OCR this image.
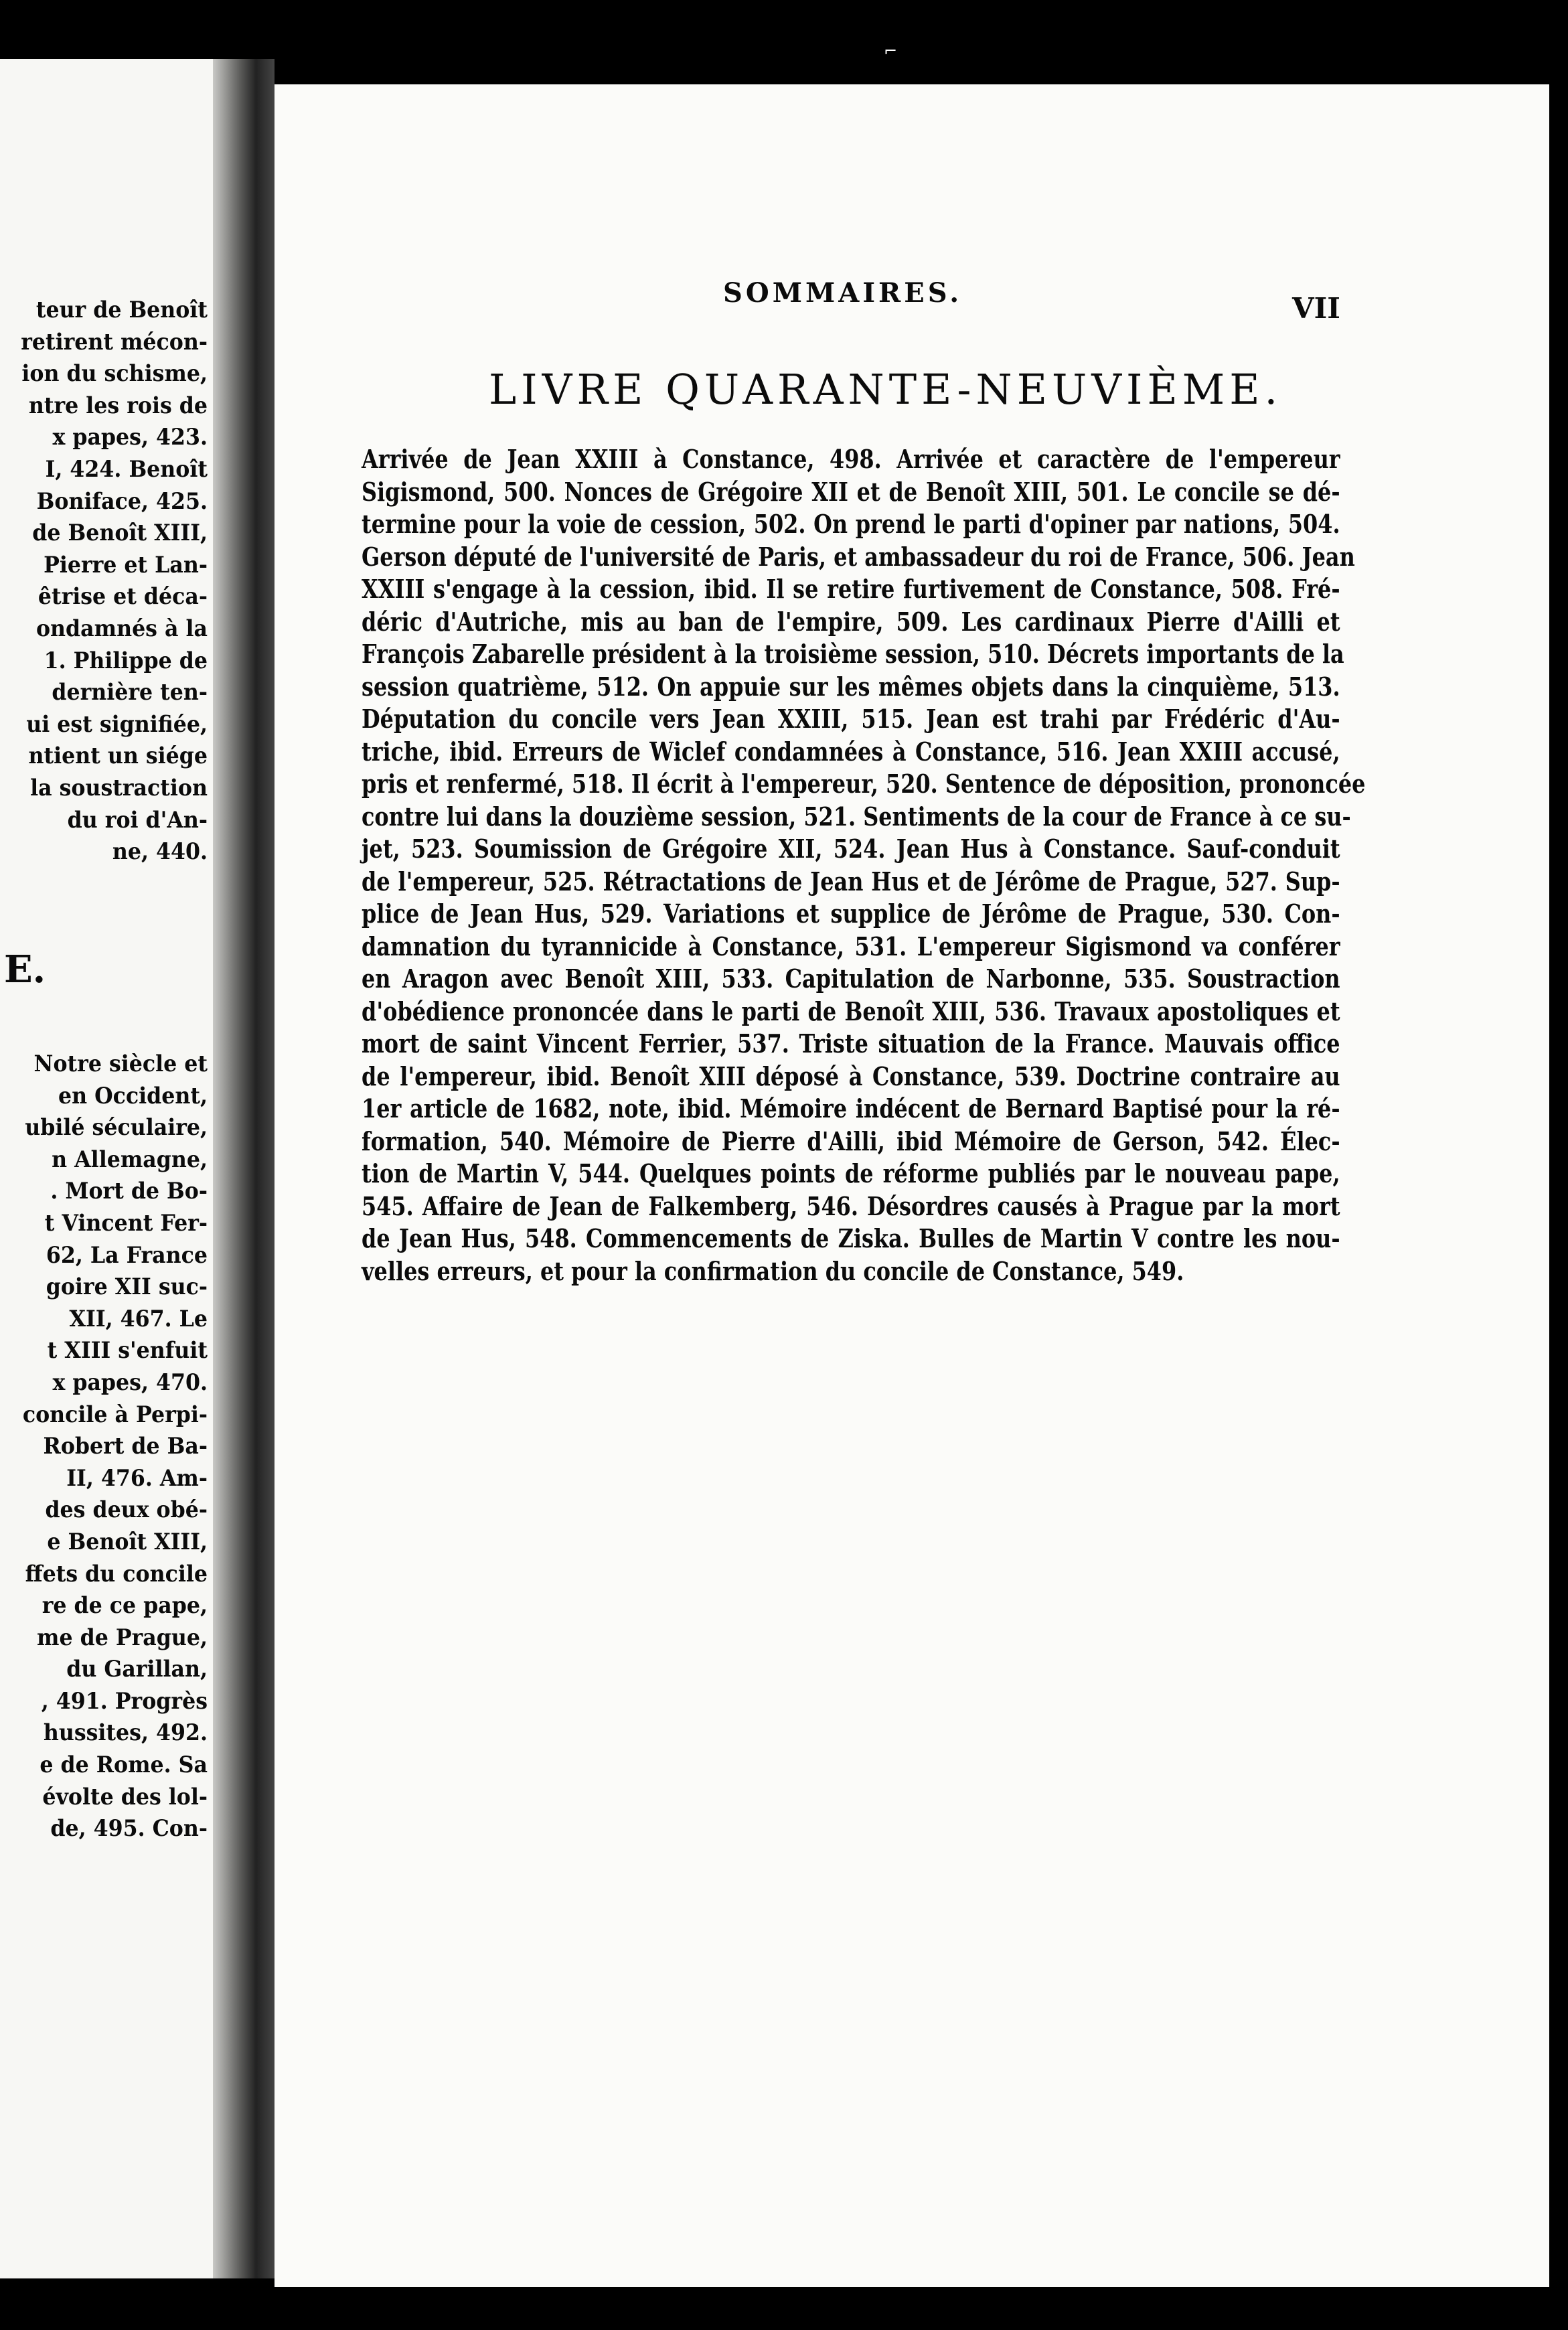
teur de Benoît
retirent mécon-
ion du schisme,
ntre les rois de
x papes, 423.
I, 424. Benoît
Boniface, 425.
de Benoît XIII,
Pierre et Lan-
êtrise et déca-
ondamnés à la
1. Philippe de
dernière ten-
ui est signifiée,
ntient un siége
la soustraction
du roi d'An-
ne, 440.
E.
Notre siècle et
en Occident,
ubilé séculaire,
n Allemagne,
. Mort de Bo-
t Vincent Fer-
62, La France
goire XII suc-
XII, 467. Le
t XIII s'enfuit
x papes, 470.
concile à Perpi-
Robert de Ba-
II, 476. Am-
des deux obé-
e Benoît XIII,
ffets du concile
re de ce pape,
me de Prague,
du Garillan,
, 491. Progrès
hussites, 492.
e de Rome. Sa
évolte des lol-
de, 495. Con-
⌐
SOMMAIRES.	VII
LIVRE QUARANTE-NEUVIÈME.
Arrivée de Jean XXIII à Constance, 498. Arrivée et caractère de l'empereur
Sigismond, 500. Nonces de Grégoire XII et de Benoît XIII, 501. Le concile se dé-
termine pour la voie de cession, 502. On prend le parti d'opiner par nations, 504.
Gerson député de l'université de Paris, et ambassadeur du roi de France, 506. Jean
XXIII s'engage à la cession, ibid. Il se retire furtivement de Constance, 508. Fré-
déric d'Autriche, mis au ban de l'empire, 509. Les cardinaux Pierre d'Ailli et
François Zabarelle président à la troisième session, 510. Décrets importants de la
session quatrième, 512. On appuie sur les mêmes objets dans la cinquième, 513.
Députation du concile vers Jean XXIII, 515. Jean est trahi par Frédéric d'Au-
triche, ibid. Erreurs de Wiclef condamnées à Constance, 516. Jean XXIII accusé,
pris et renfermé, 518. Il écrit à l'empereur, 520. Sentence de déposition, prononcée
contre lui dans la douzième session, 521. Sentiments de la cour de France à ce su-
jet, 523. Soumission de Grégoire XII, 524. Jean Hus à Constance. Sauf-conduit
de l'empereur, 525. Rétractations de Jean Hus et de Jérôme de Prague, 527. Sup-
plice de Jean Hus, 529. Variations et supplice de Jérôme de Prague, 530. Con-
damnation du tyrannicide à Constance, 531. L'empereur Sigismond va conférer
en Aragon avec Benoît XIII, 533. Capitulation de Narbonne, 535. Soustraction
d'obédience prononcée dans le parti de Benoît XIII, 536. Travaux apostoliques et
mort de saint Vincent Ferrier, 537. Triste situation de la France. Mauvais office
de l'empereur, ibid. Benoît XIII déposé à Constance, 539. Doctrine contraire au
1er article de 1682, note, ibid. Mémoire indécent de Bernard Baptisé pour la ré-
formation, 540. Mémoire de Pierre d'Ailli, ibid Mémoire de Gerson, 542. Élec-
tion de Martin V, 544. Quelques points de réforme publiés par le nouveau pape,
545. Affaire de Jean de Falkemberg, 546. Désordres causés à Prague par la mort
de Jean Hus, 548. Commencements de Ziska. Bulles de Martin V contre les nou-
velles erreurs, et pour la confirmation du concile de Constance, 549.
